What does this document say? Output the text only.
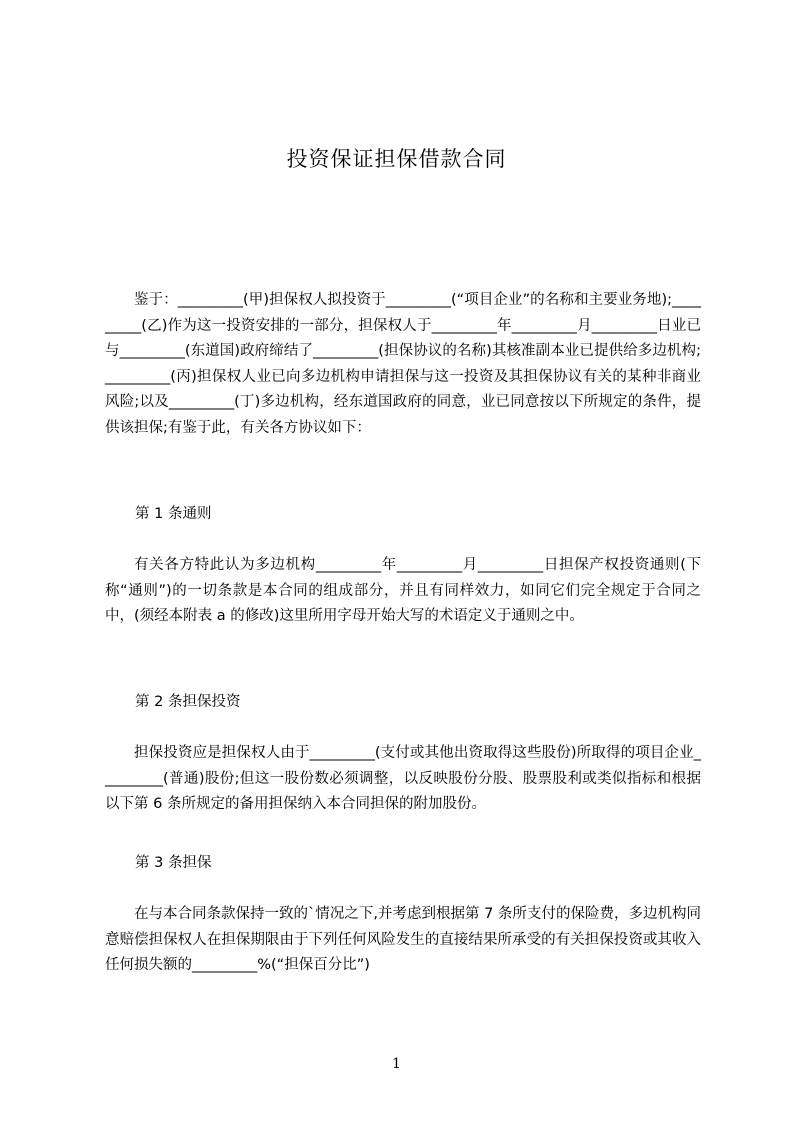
投资保证担保借款合同

鉴于：_________(甲)担保权人拟投资于_________(“项目企业”的名称和主要业务地);_________(乙)作为这一投资安排的一部分，担保权人于_________年_________月_________日业已与_________(东道国)政府缔结了_________(担保协议的名称)其核准副本业已提供给多边机构;_________(丙)担保权人业已向多边机构申请担保与这一投资及其担保协议有关的某种非商业风险;以及_________(丁)多边机构，经东道国政府的同意，业已同意按以下所规定的条件，提供该担保;有鉴于此，有关各方协议如下：

第 1 条通则

有关各方特此认为多边机构_________年_________月_________日担保产权投资通则(下称“通则”)的一切条款是本合同的组成部分，并且有同样效力，如同它们完全规定于合同之中，(须经本附表 a 的修改)这里所用字母开始大写的术语定义于通则之中。

第 2 条担保投资

担保投资应是担保权人由于_________(支付或其他出资取得这些股份)所取得的项目企业_________(普通)股份;但这一股份数必须调整，以反映股份分股、股票股利或类似指标和根据以下第 6 条所规定的备用担保纳入本合同担保的附加股份。

第 3 条担保

在与本合同条款保持一致的`情况之下,并考虑到根据第 7 条所支付的保险费，多边机构同意赔偿担保权人在担保期限由于下列任何风险发生的直接结果所承受的有关担保投资或其收入任何损失额的_________%(“担保百分比”)

1
